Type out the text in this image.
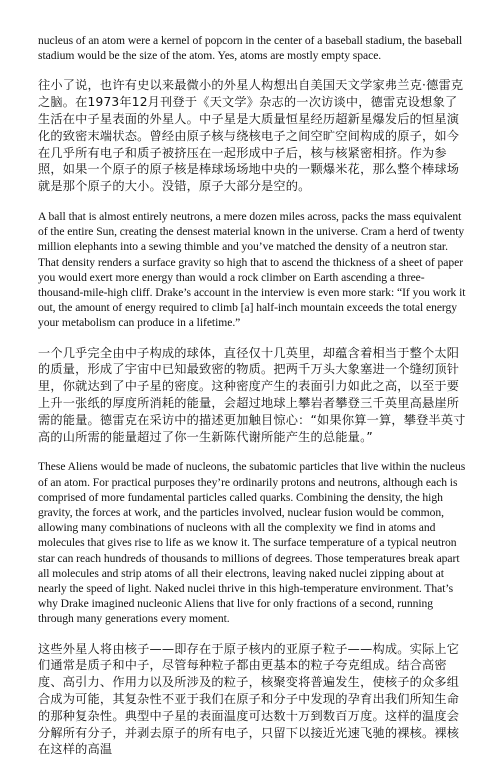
nucleus of an atom were a kernel of popcorn in the center of a baseball stadium, the baseball stadium would be the size of the atom. Yes, atoms are mostly empty space.

往小了说，也许有史以来最微小的外星人构想出自美国天文学家弗兰克·德雷克之脑。在1973年12月刊登于《天文学》杂志的一次访谈中，德雷克设想象了生活在中子星表面的外星人。中子星是大质量恒星经历超新星爆发后的恒星演化的致密末端状态。曾经由原子核与绕核电子之间空旷空间构成的原子，如今在几乎所有电子和质子被挤压在一起形成中子后，核与核紧密相挤。作为参照，如果一个原子的原子核是棒球场场地中央的一颗爆米花，那么整个棒球场就是那个原子的大小。没错，原子大部分是空的。

A ball that is almost entirely neutrons, a mere dozen miles across, packs the mass equivalent of the entire Sun, creating the densest material known in the universe. Cram a herd of twenty million elephants into a sewing thimble and you’ve matched the density of a neutron star. That density renders a surface gravity so high that to ascend the thickness of a sheet of paper you would exert more energy than would a rock climber on Earth ascending a three-thousand-mile-high cliff. Drake’s account in the interview is even more stark: “If you work it out, the amount of energy required to climb [a] half-inch mountain exceeds the total energy your metabolism can produce in a lifetime.”

一个几乎完全由中子构成的球体，直径仅十几英里，却蕴含着相当于整个太阳的质量，形成了宇宙中已知最致密的物质。把两千万头大象塞进一个缝纫顶针里，你就达到了中子星的密度。这种密度产生的表面引力如此之高，以至于要上升一张纸的厚度所消耗的能量，会超过地球上攀岩者攀登三千英里高悬崖所需的能量。德雷克在采访中的描述更加触目惊心：“如果你算一算，攀登半英寸高的山所需的能量超过了你一生新陈代谢所能产生的总能量。”

These Aliens would be made of nucleons, the subatomic particles that live within the nucleus of an atom. For practical purposes they’re ordinarily protons and neutrons, although each is comprised of more fundamental particles called quarks. Combining the density, the high gravity, the forces at work, and the particles involved, nuclear fusion would be common, allowing many combinations of nucleons with all the complexity we find in atoms and molecules that gives rise to life as we know it. The surface temperature of a typical neutron star can reach hundreds of thousands to millions of degrees. Those temperatures break apart all molecules and strip atoms of all their electrons, leaving naked nuclei zipping about at nearly the speed of light. Naked nuclei thrive in this high-temperature environment. That’s why Drake imagined nucleonic Aliens that live for only fractions of a second, running through many generations every moment.

这些外星人将由核子——即存在于原子核内的亚原子粒子——构成。实际上它们通常是质子和中子，尽管每种粒子都由更基本的粒子夸克组成。结合高密度、高引力、作用力以及所涉及的粒子，核聚变将普遍发生，使核子的众多组合成为可能，其复杂性不亚于我们在原子和分子中发现的孕育出我们所知生命的那种复杂性。典型中子星的表面温度可达数十万到数百万度。这样的温度会分解所有分子，并剥去原子的所有电子，只留下以接近光速飞驰的裸核。裸核在这样的高温
